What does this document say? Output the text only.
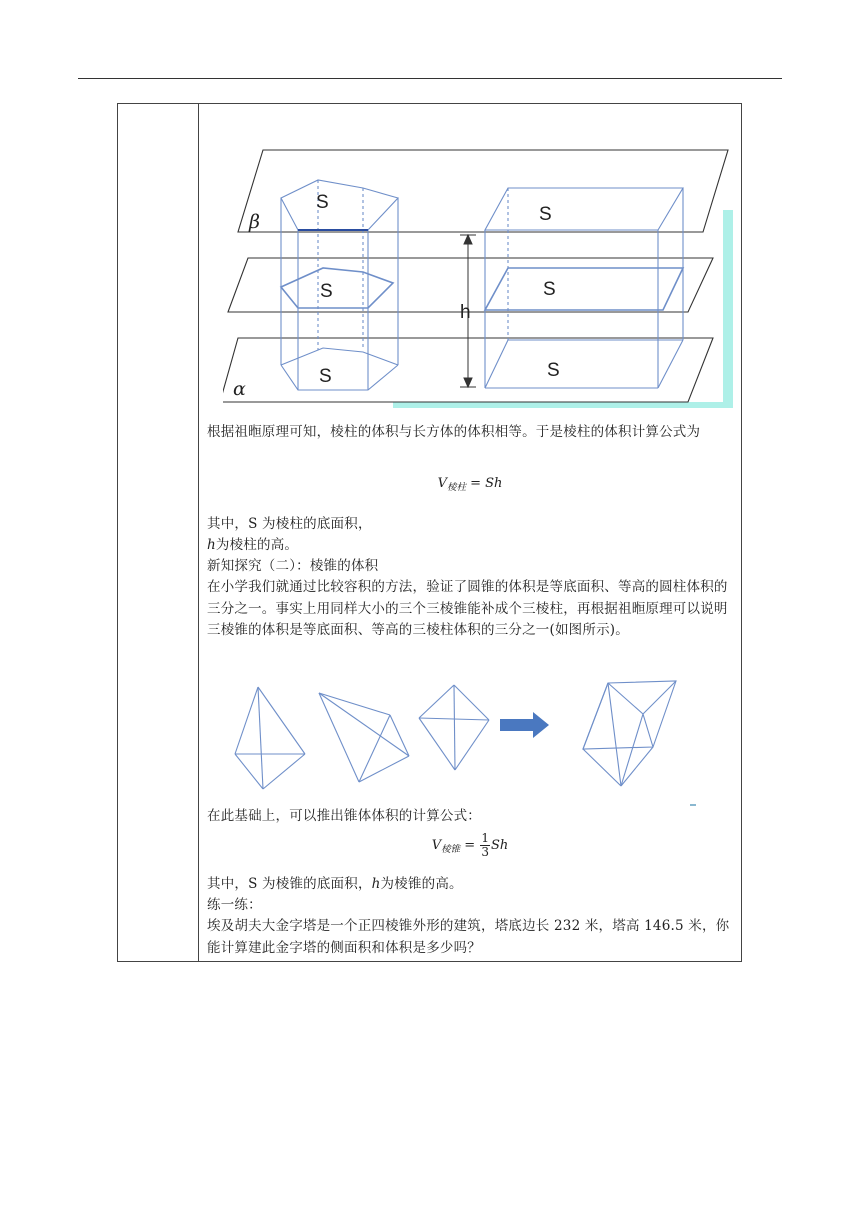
S
S
S
S
S
S
h
β
α
根据祖暅原理可知，棱柱的体积与长方体的体积相等。于是棱柱的体积计算公式为
$V_{棱柱} = Sh$
其中，S 为棱柱的底面积，
h为棱柱的高。
新知探究（二）：棱锥的体积
在小学我们就通过比较容积的方法，验证了圆锥的体积是等底面积、等高的圆柱体积的三分之一。事实上用同样大小的三个三棱锥能补成个三棱柱，再根据祖暅原理可以说明三棱锥的体积是等底面积、等高的三棱柱体积的三分之一(如图所示)。
在此基础上，可以推出锥体体积的计算公式：
$V_{棱锥} = \frac{1}{3}$ Sh
其中，S 为棱锥的底面积，h为棱锥的高。
练一练：
埃及胡夫大金字塔是一个正四棱锥外形的建筑，塔底边长 232 米，塔高 146.5 米，你能计算建此金字塔的侧面积和体积是多少吗？
